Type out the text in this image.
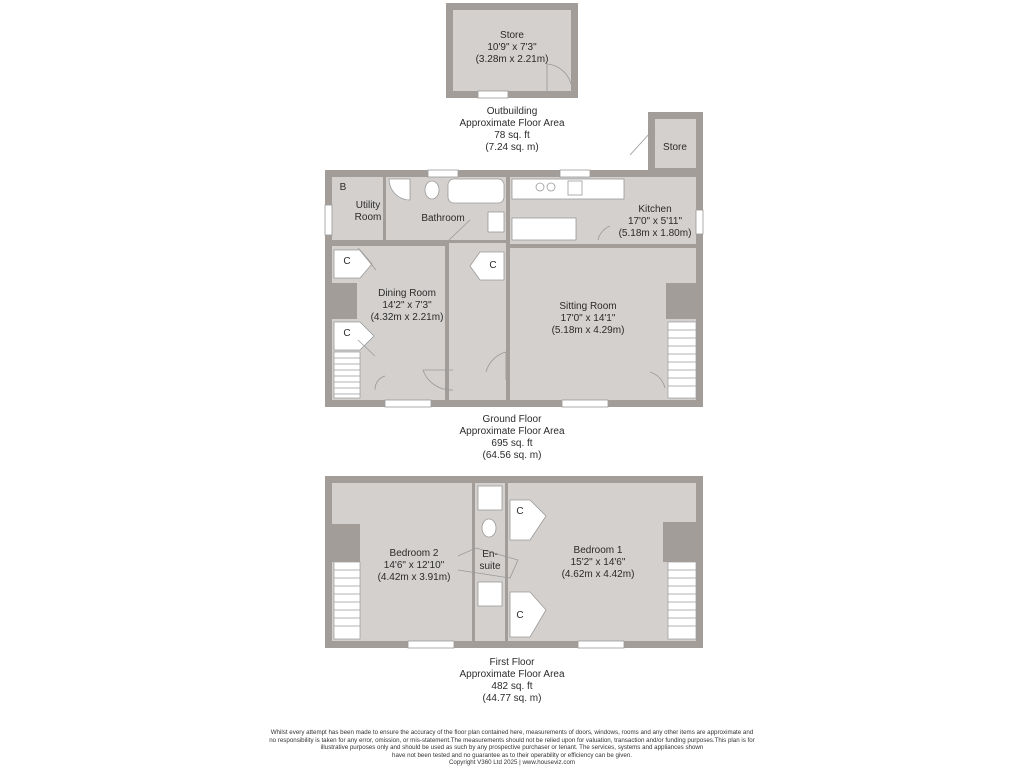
Store
10'9" x 7'3"
(3.28m x 2.21m)
Outbuilding
Approximate Floor Area
78 sq. ft
(7.24 sq. m)
B
Utility
Room	Bathroom
Store
Kitchen
17'0" x 5'11"
(5.18m x 1.80m)
C
C
C
Dining Room
14'2" x 7'3"
(4.32m x 2.21m)
Sitting Room
17'0" x 14'1"
(5.18m x 4.29m)
Ground Floor
Approximate Floor Area
695 sq. ft
(64.56 sq. m)
Bedroom 2
14'6" x 12'10"
(4.42m x 3.91m)
En-
suite
C
C
Bedroom 1
15'2" x 14'6"
(4.62m x 4.42m)
First Floor
Approximate Floor Area
482 sq. ft
(44.77 sq. m)
Whilst every attempt has been made to ensure the accuracy of the floor plan contained here, measurements of doors, windows, rooms and any other items are approximate and
no responsibility is taken for any error, omission, or mis-statement.The measurements should not be relied upon for valuation, transaction and/or funding purposes.This plan is for
illustrative purposes only and should be used as such by any prospective purchaser or tenant. The services, systems and appliances shown
have not been tested and no guarantee as to their operability or efficiency can be given.
Copyright V360 Ltd 2025 | www.houseviz.com
